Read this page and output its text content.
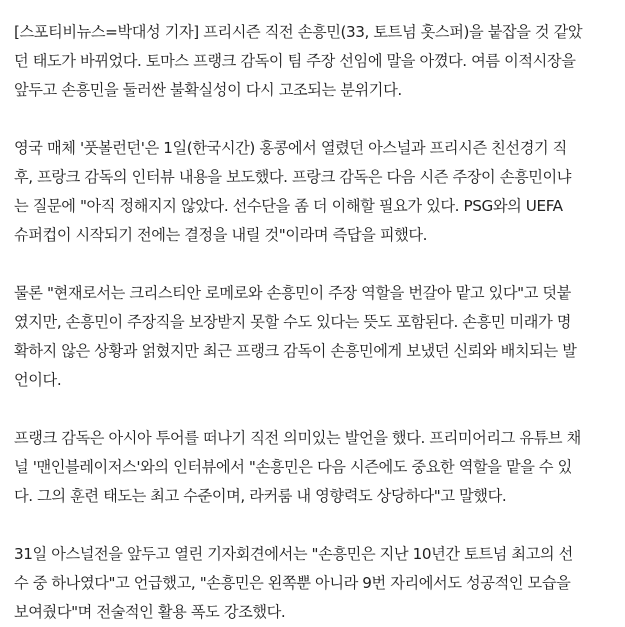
[스포티비뉴스=박대성 기자] 프리시즌 직전 손흥민(33, 토트넘 홋스퍼)을 붙잡을 것 같았
던 태도가 바뀌었다. 토마스 프랭크 감독이 팀 주장 선임에 말을 아꼈다. 여름 이적시장을
앞두고 손흥민을 둘러싼 불확실성이 다시 고조되는 분위기다.

영국 매체 '풋볼런던'은 1일(한국시간) 홍콩에서 열렸던 아스널과 프리시즌 친선경기 직
후, 프랑크 감독의 인터뷰 내용을 보도했다. 프랑크 감독은 다음 시즌 주장이 손흥민이냐
는 질문에 "아직 정해지지 않았다. 선수단을 좀 더 이해할 필요가 있다. PSG와의 UEFA
슈퍼컵이 시작되기 전에는 결정을 내릴 것"이라며 즉답을 피했다.

물론 "현재로서는 크리스티안 로메로와 손흥민이 주장 역할을 번갈아 맡고 있다"고 덧붙
였지만, 손흥민이 주장직을 보장받지 못할 수도 있다는 뜻도 포함된다. 손흥민 미래가 명
확하지 않은 상황과 얽혔지만 최근 프랭크 감독이 손흥민에게 보냈던 신뢰와 배치되는 발
언이다.

프랭크 감독은 아시아 투어를 떠나기 직전 의미있는 발언을 했다. 프리미어리그 유튜브 채
널 '맨인블레이저스'와의 인터뷰에서 "손흥민은 다음 시즌에도 중요한 역할을 맡을 수 있
다. 그의 훈련 태도는 최고 수준이며, 라커룸 내 영향력도 상당하다"고 말했다.

31일 아스널전을 앞두고 열린 기자회견에서는 "손흥민은 지난 10년간 토트넘 최고의 선
수 중 하나였다"고 언급했고, "손흥민은 왼쪽뿐 아니라 9번 자리에서도 성공적인 모습을
보여줬다"며 전술적인 활용 폭도 강조했다.
